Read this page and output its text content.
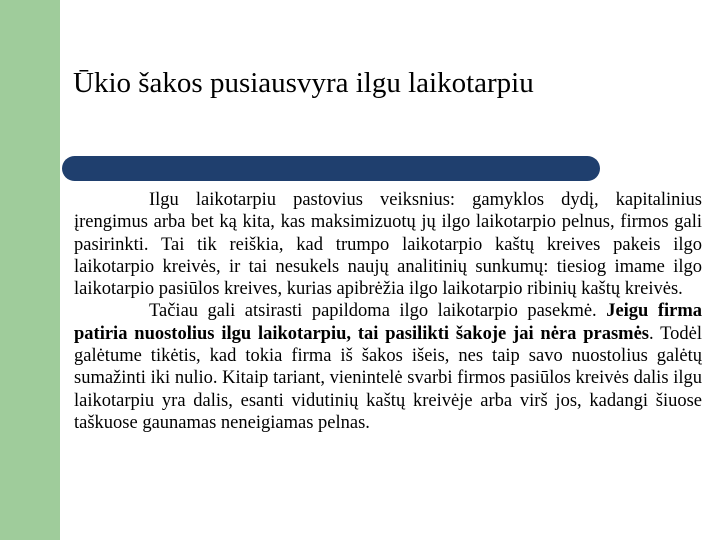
Ūkio šakos pusiausvyra ilgu laikotarpiu

Ilgu laikotarpiu pastovius veiksnius: gamyklos dydį, kapitalinius įrengimus arba bet ką kita, kas maksimizuotų jų ilgo laikotarpio pelnus, firmos gali pasirinkti. Tai tik reiškia, kad trumpo laikotarpio kaštų kreives pakeis ilgo laikotarpio kreivės, ir tai nesukels naujų analitinių sunkumų: tiesiog imame ilgo laikotarpio pasiūlos kreives, kurias apibrėžia ilgo laikotarpio ribinių kaštų kreivės.

Tačiau gali atsirasti papildoma ilgo laikotarpio pasekmė. Jeigu firma patiria nuostolius ilgu laikotarpiu, tai pasilikti šakoje jai nėra prasmės. Todėl galėtume tikėtis, kad tokia firma iš šakos išeis, nes taip savo nuostolius galėtų sumažinti iki nulio. Kitaip tariant, vienintelė svarbi firmos pasiūlos kreivės dalis ilgu laikotarpiu yra dalis, esanti vidutinių kaštų kreivėje arba virš jos, kadangi šiuose taškuose gaunamas neneigiamas pelnas.
